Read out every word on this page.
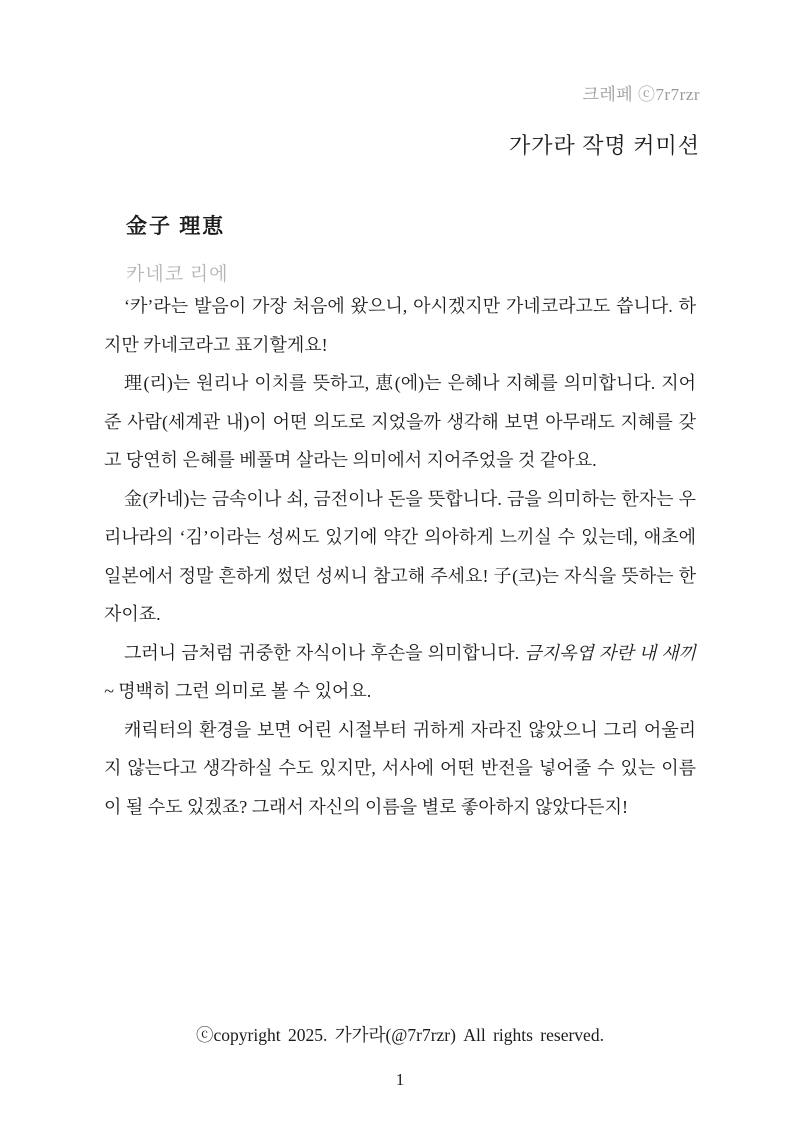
크레페 ⓒ7r7rzr
가가라 작명 커미션
金子 理恵
카네코 리에

‘카’라는 발음이 가장 처음에 왔으니, 아시겠지만 가네코라고도 씁니다. 하지만 카네코라고 표기할게요!

理(리)는 원리나 이치를 뜻하고, 恵(에)는 은혜나 지혜를 의미합니다. 지어준 사람(세계관 내)이 어떤 의도로 지었을까 생각해 보면 아무래도 지혜를 갖고 당연히 은혜를 베풀며 살라는 의미에서 지어주었을 것 같아요.

金(카네)는 금속이나 쇠, 금전이나 돈을 뜻합니다. 금을 의미하는 한자는 우리나라의 ‘김’이라는 성씨도 있기에 약간 의아하게 느끼실 수 있는데, 애초에 일본에서 정말 흔하게 썼던 성씨니 참고해 주세요! 子(코)는 자식을 뜻하는 한자이죠.

그러니 금처럼 귀중한 자식이나 후손을 의미합니다. 금지옥엽 자란 내 새끼~ 명백히 그런 의미로 볼 수 있어요.

캐릭터의 환경을 보면 어린 시절부터 귀하게 자라진 않았으니 그리 어울리지 않는다고 생각하실 수도 있지만, 서사에 어떤 반전을 넣어줄 수 있는 이름이 될 수도 있겠죠? 그래서 자신의 이름을 별로 좋아하지 않았다든지!

ⓒcopyright 2025. 가가라(@7r7rzr) All rights reserved.
1
